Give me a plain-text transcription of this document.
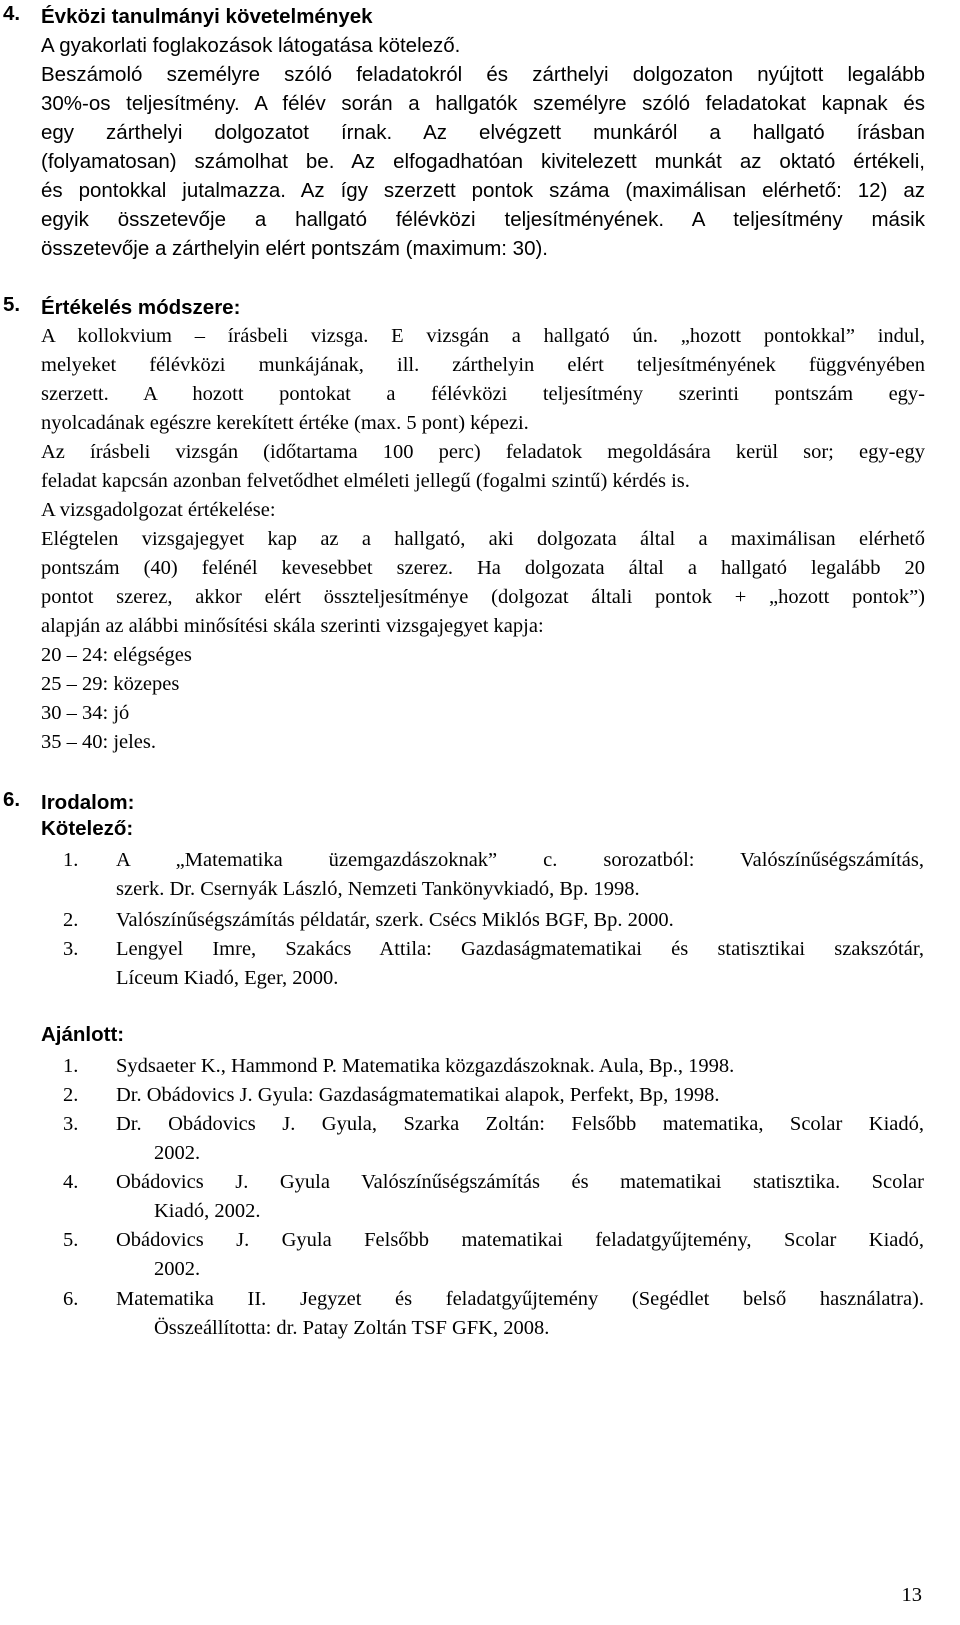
4. Évközi tanulmányi követelmények
A gyakorlati foglakozások látogatása kötelező.
Beszámoló személyre szóló feladatokról és zárthelyi dolgozaton nyújtott legalább
30%-os teljesítmény. A félév során a hallgatók személyre szóló feladatokat kapnak és
egy zárthelyi dolgozatot írnak. Az elvégzett munkáról a hallgató írásban
(folyamatosan) számolhat be. Az elfogadhatóan kivitelezett munkát az oktató értékeli,
és pontokkal jutalmazza. Az így szerzett pontok száma (maximálisan elérhető: 12) az
egyik összetevője a hallgató félévközi teljesítményének. A teljesítmény másik
összetevője a zárthelyin elért pontszám (maximum: 30).
5. Értékelés módszere:
A kollokvium – írásbeli vizsga. E vizsgán a hallgató ún. „hozott pontokkal” indul,
melyeket félévközi munkájának, ill. zárthelyin elért teljesítményének függvényében
szerzett. A hozott pontokat a félévközi teljesítmény szerinti pontszám egy-
nyolcadának egészre kerekített értéke (max. 5 pont) képezi.
Az írásbeli vizsgán (időtartama 100 perc) feladatok megoldására kerül sor; egy-egy
feladat kapcsán azonban felvetődhet elméleti jellegű (fogalmi szintű) kérdés is.
A vizsgadolgozat értékelése:
Elégtelen vizsgajegyet kap az a hallgató, aki dolgozata által a maximálisan elérhető
pontszám (40) felénél kevesebbet szerez. Ha dolgozata által a hallgató legalább 20
pontot szerez, akkor elért összteljesítménye (dolgozat általi pontok + „hozott pontok”)
alapján az alábbi minősítési skála szerinti vizsgajegyet kapja:
20 – 24: elégséges
25 – 29: közepes
30 – 34: jó
35 – 40: jeles.
6. Irodalom:
Kötelező:
1. A „Matematika üzemgazdászoknak” c. sorozatból: Valószínűségszámítás,
szerk. Dr. Csernyák László, Nemzeti Tankönyvkiadó, Bp. 1998.
2. Valószínűségszámítás példatár, szerk. Csécs Miklós BGF, Bp. 2000.
3. Lengyel Imre, Szakács Attila: Gazdaságmatematikai és statisztikai szakszótár,
Líceum Kiadó, Eger, 2000.
Ajánlott:
1. Sydsaeter K., Hammond P. Matematika közgazdászoknak. Aula, Bp., 1998.
2. Dr. Obádovics J. Gyula: Gazdaságmatematikai alapok, Perfekt, Bp, 1998.
3. Dr. Obádovics J. Gyula, Szarka Zoltán: Felsőbb matematika, Scolar Kiadó,
2002.
4. Obádovics J. Gyula Valószínűségszámítás és matematikai statisztika. Scolar
Kiadó, 2002.
5. Obádovics J. Gyula Felsőbb matematikai feladatgyűjtemény, Scolar Kiadó,
2002.
6. Matematika II. Jegyzet és feladatgyűjtemény (Segédlet belső használatra).
Összeállította: dr. Patay Zoltán TSF GFK, 2008.
13
